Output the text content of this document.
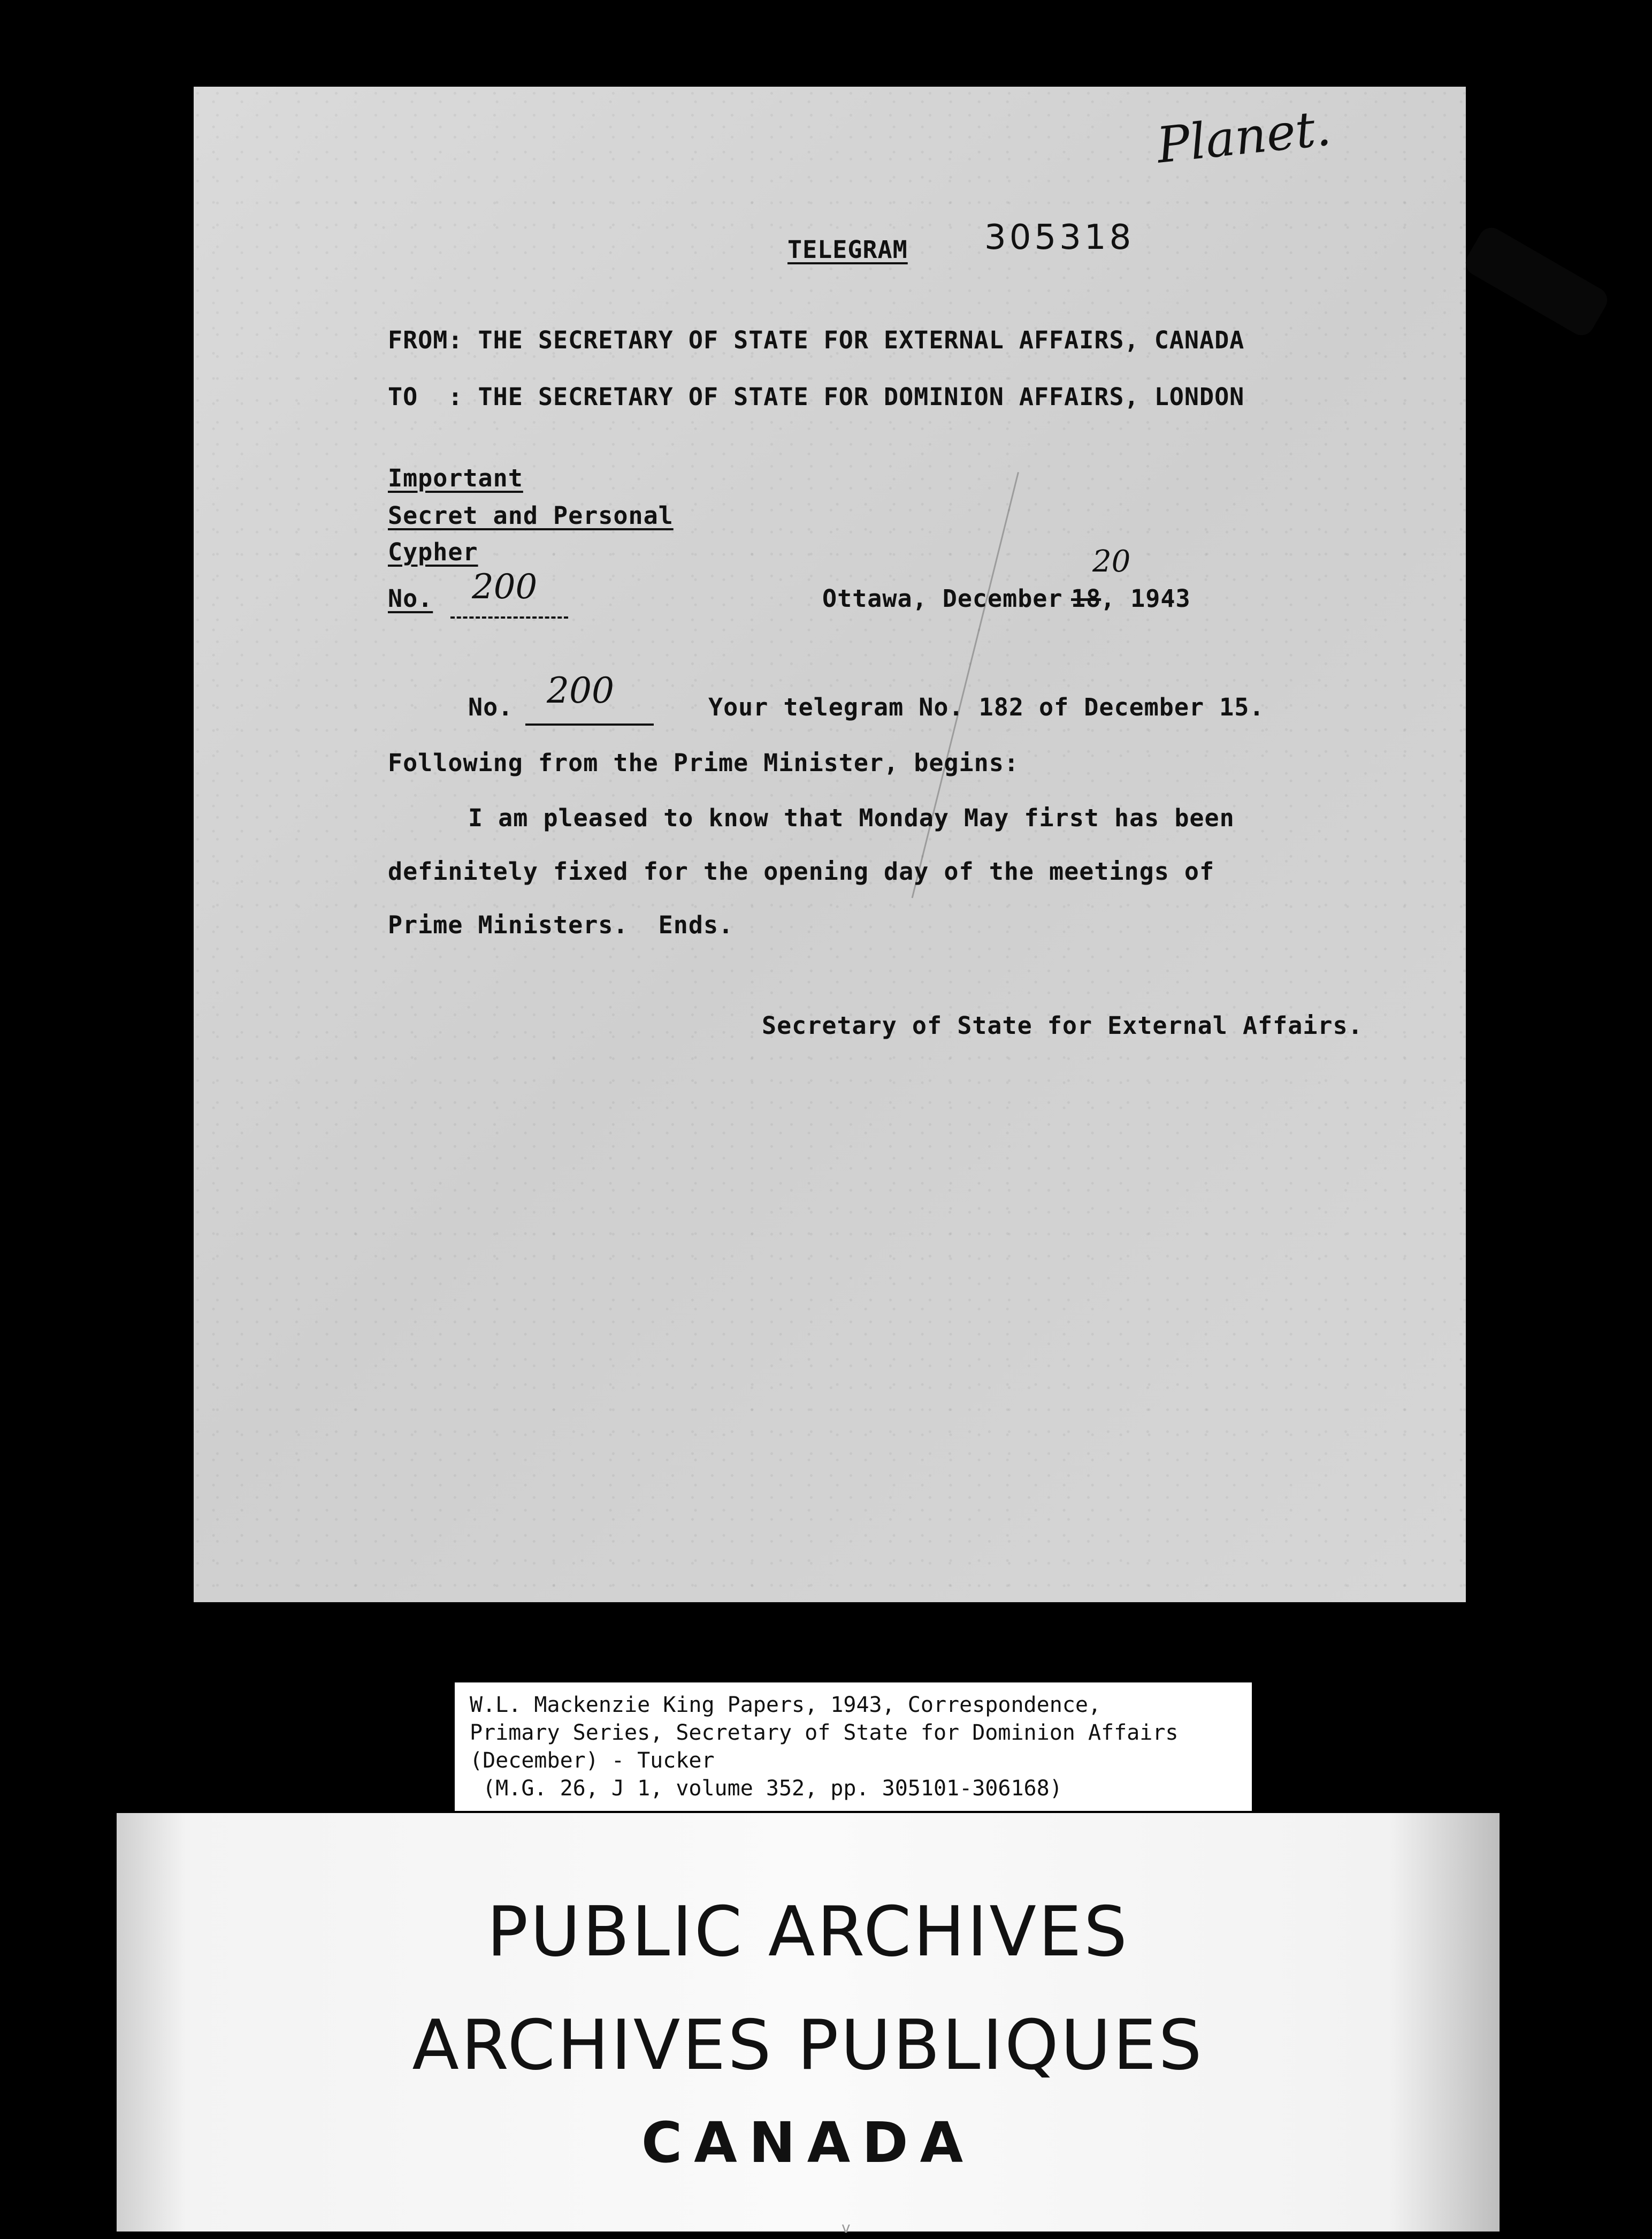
Planet.
305318
TELEGRAM
FROM: THE SECRETARY OF STATE FOR EXTERNAL AFFAIRS, CANADA
TO  : THE SECRETARY OF STATE FOR DOMINION AFFAIRS, LONDON
Important
Secret and Personal
Cypher
No. 200	Ottawa, December
20
18
, 1943
No. 200	Your telegram No. 182 of December 15.
Following from the Prime Minister, begins:
I am pleased to know that Monday May first has been
definitely fixed for the opening day of the meetings of
Prime Ministers.  Ends.
Secretary of State for External Affairs.
W.L. Mackenzie King Papers, 1943, Correspondence,
Primary Series, Secretary of State for Dominion Affairs
(December) - Tucker
(M.G. 26, J 1, volume 352, pp. 305101-306168)
PUBLIC ARCHIVES
ARCHIVES PUBLIQUES
CANADA
v
